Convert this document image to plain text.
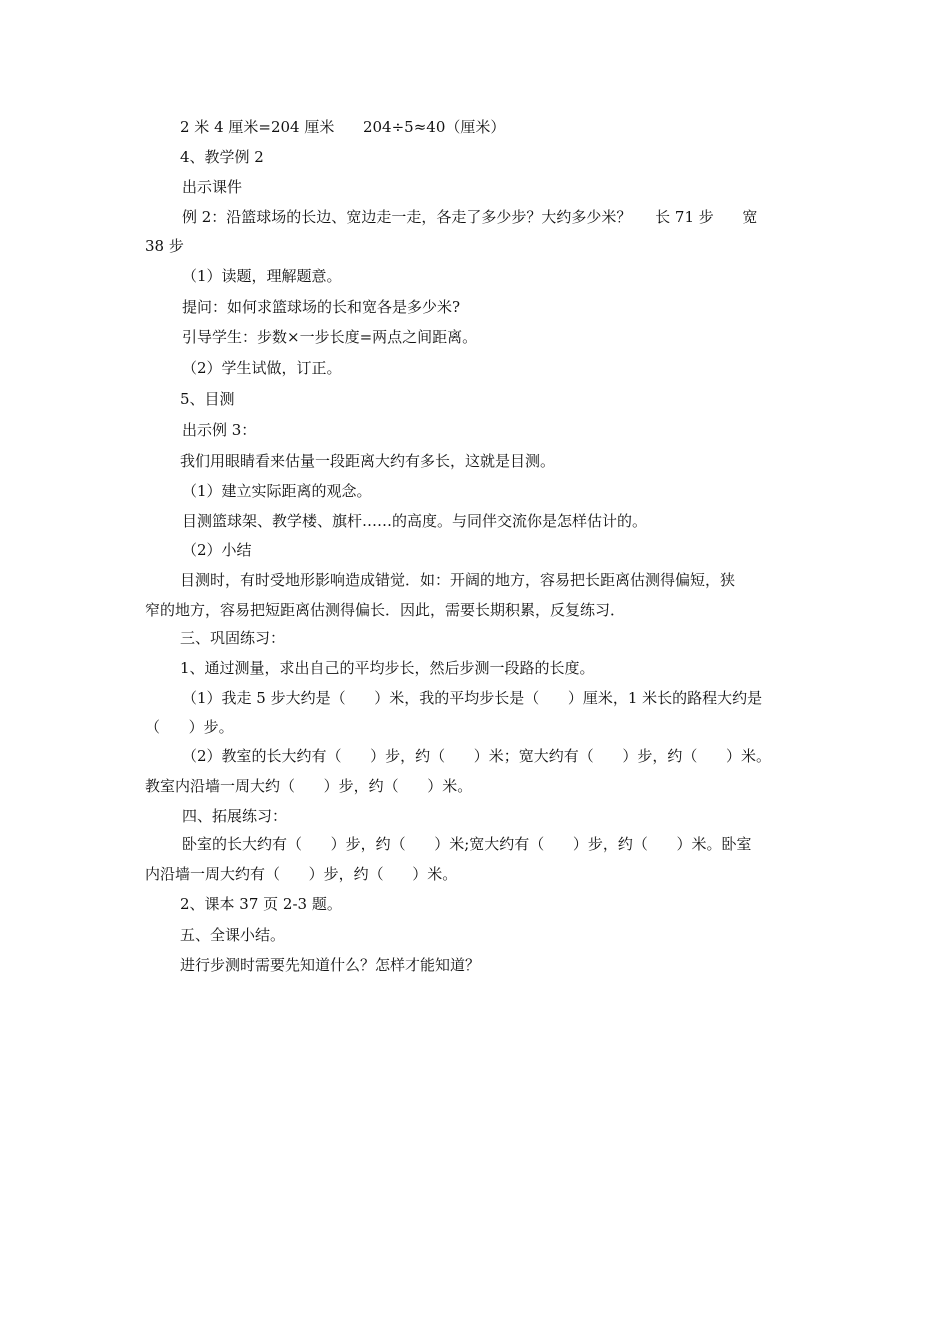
2 米 4 厘米=204 厘米      204÷5≈40（厘米）
4、教学例 2
出示课件
例 2：沿篮球场的长边、宽边走一走，各走了多少步？大约多少米？     长 71 步      宽
38 步
（1）读题，理解题意。
提问：如何求篮球场的长和宽各是多少米?
引导学生：步数×一步长度=两点之间距离。
（2）学生试做，订正。
5、目测
出示例 3：
我们用眼睛看来估量一段距离大约有多长，这就是目测。
（1）建立实际距离的观念。
目测篮球架、教学楼、旗杆……的高度。与同伴交流你是怎样估计的。
（2）小结
目测时，有时受地形影响造成错觉．如：开阔的地方，容易把长距离估测得偏短，狭
窄的地方，容易把短距离估测得偏长．因此，需要长期积累，反复练习．
三、巩固练习：
1、通过测量，求出自己的平均步长，然后步测一段路的长度。
（1）我走 5 步大约是（      ）米，我的平均步长是（      ）厘米，1 米长的路程大约是
（      ）步。
（2）教室的长大约有（      ）步，约（      ）米；宽大约有（      ）步，约（      ）米。
教室内沿墙一周大约（      ）步，约（      ）米。
四、拓展练习：
卧室的长大约有（      ）步，约（      ）米;宽大约有（      ）步，约（      ）米。卧室
内沿墙一周大约有（      ）步，约（      ）米。
2、课本 37 页 2-3 题。
五、全课小结。
进行步测时需要先知道什么？怎样才能知道？
